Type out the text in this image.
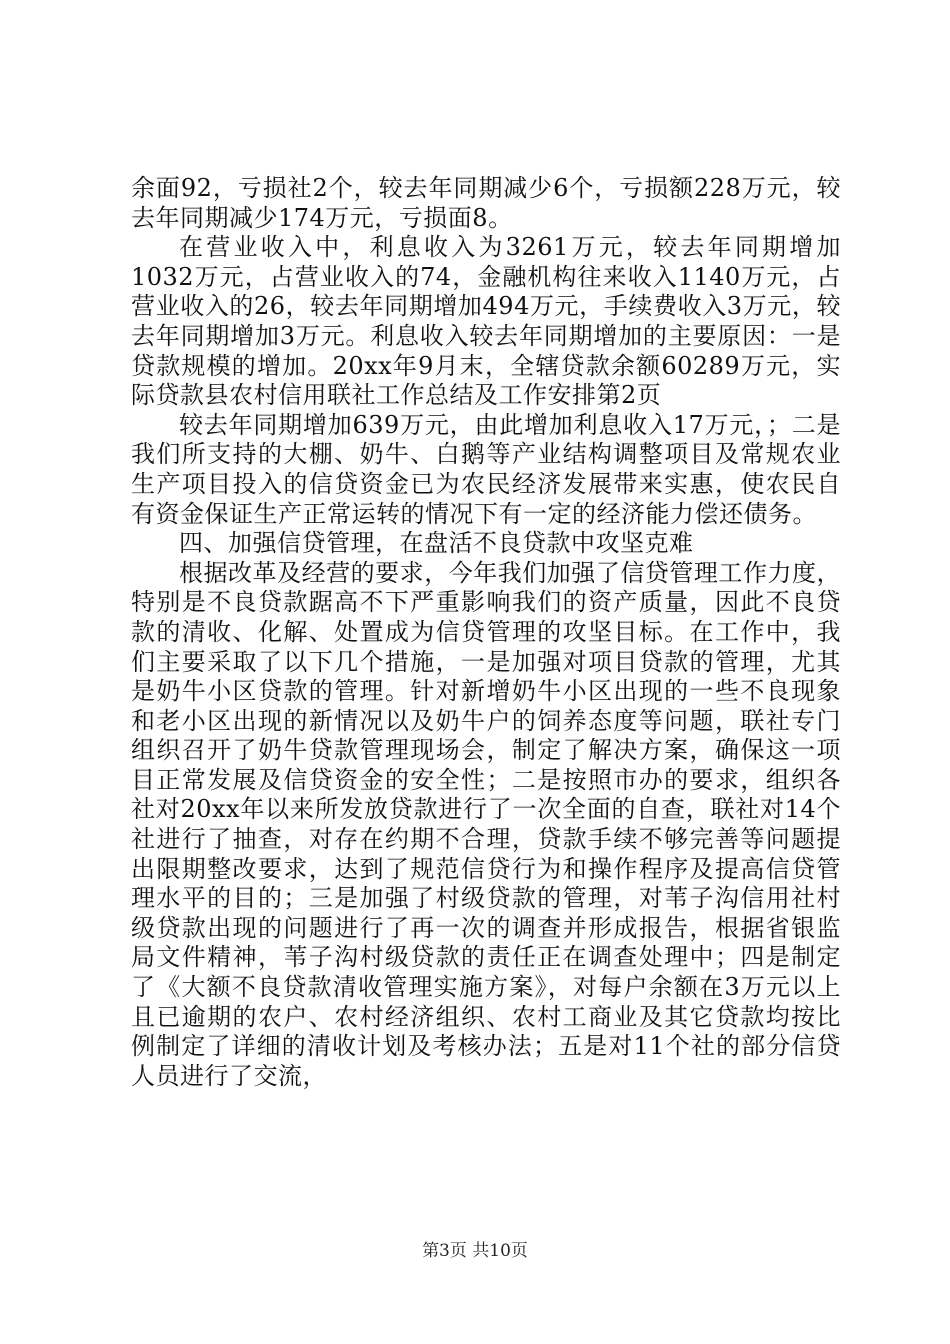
余面92，亏损社2个，较去年同期减少6个，亏损额228万元，较去年同期减少174万元，亏损面8。

在营业收入中，利息收入为3261万元，较去年同期增加1032万元，占营业收入的74，金融机构往来收入1140万元，占营业收入的26，较去年同期增加494万元，手续费收入3万元，较去年同期增加3万元。利息收入较去年同期增加的主要原因：一是贷款规模的增加。20xx年9月末，全辖贷款余额60289万元，实际贷款县农村信用联社工作总结及工作安排第2页

较去年同期增加639万元，由此增加利息收入17万元，；二是我们所支持的大棚、奶牛、白鹅等产业结构调整项目及常规农业生产项目投入的信贷资金已为农民经济发展带来实惠，使农民自有资金保证生产正常运转的情况下有一定的经济能力偿还债务。

四、加强信贷管理，在盘活不良贷款中攻坚克难

根据改革及经营的要求，今年我们加强了信贷管理工作力度，特别是不良贷款踞高不下严重影响我们的资产质量，因此不良贷款的清收、化解、处置成为信贷管理的攻坚目标。在工作中，我们主要采取了以下几个措施，一是加强对项目贷款的管理，尤其是奶牛小区贷款的管理。针对新增奶牛小区出现的一些不良现象和老小区出现的新情况以及奶牛户的饲养态度等问题，联社专门组织召开了奶牛贷款管理现场会，制定了解决方案，确保这一项目正常发展及信贷资金的安全性；二是按照市办的要求，组织各社对20xx年以来所发放贷款进行了一次全面的自查，联社对14个社进行了抽查，对存在约期不合理，贷款手续不够完善等问题提出限期整改要求，达到了规范信贷行为和操作程序及提高信贷管理水平的目的；三是加强了村级贷款的管理，对苇子沟信用社村级贷款出现的问题进行了再一次的调查并形成报告，根据省银监局文件精神，苇子沟村级贷款的责任正在调查处理中；四是制定了《大额不良贷款清收管理实施方案》，对每户余额在3万元以上且已逾期的农户、农村经济组织、农村工商业及其它贷款均按比例制定了详细的清收计划及考核办法；五是对11个社的部分信贷人员进行了交流，

第3页 共10页
